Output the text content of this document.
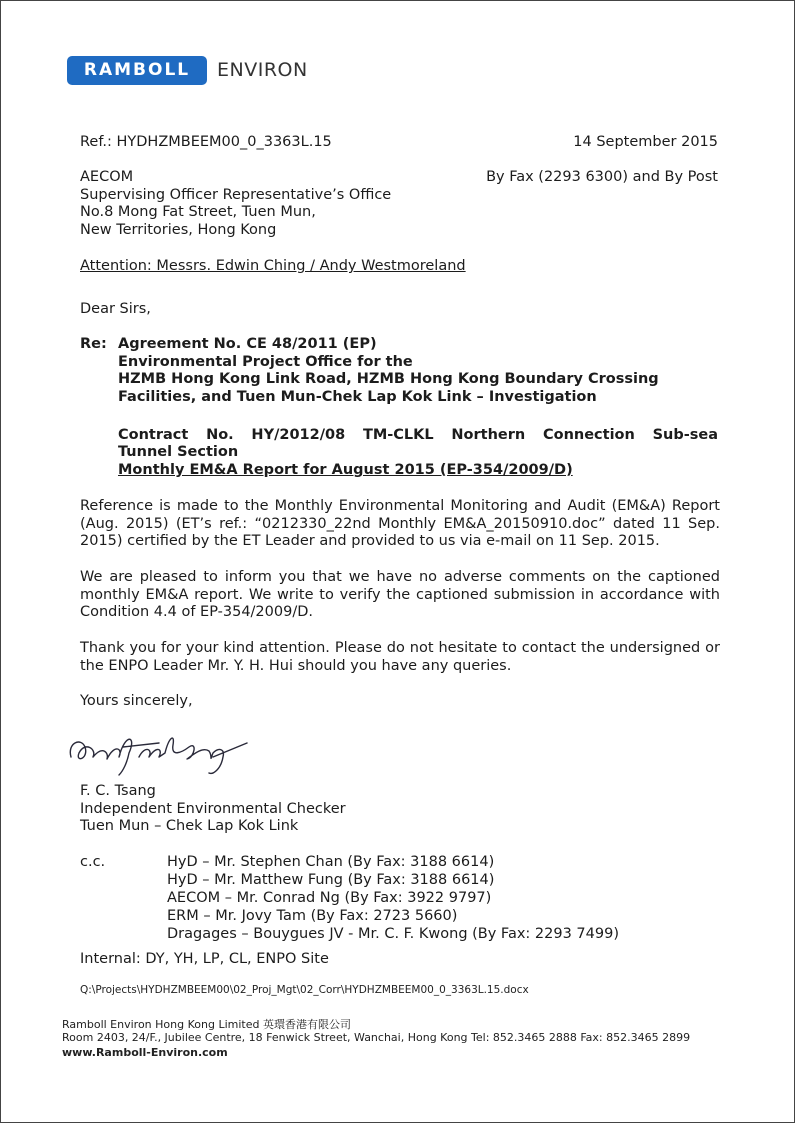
RAMBOLL	ENVIRON
Ref.: HYDHZMBEEM00_0_3363L.15	14 September 2015
AECOM
Supervising Officer Representative’s Office
No.8 Mong Fat Street, Tuen Mun,
New Territories, Hong Kong
By Fax (2293 6300) and By Post
Attention: Messrs. Edwin Ching / Andy Westmoreland
Dear Sirs,
Re: Agreement No. CE 48/2011 (EP)
Environmental Project Office for the
HZMB Hong Kong Link Road, HZMB Hong Kong Boundary Crossing
Facilities, and Tuen Mun-Chek Lap Kok Link – Investigation
Contract No. HY/2012/08 TM-CLKL Northern Connection Sub-sea
Tunnel Section
Monthly EM&A Report for August 2015 (EP-354/2009/D)

Reference is made to the Monthly Environmental Monitoring and Audit (EM&A) Report (Aug. 2015) (ET’s ref.: “0212330_22nd Monthly EM&A_20150910.doc” dated 11 Sep. 2015) certified by the ET Leader and provided to us via e-mail on 11 Sep. 2015.

We are pleased to inform you that we have no adverse comments on the captioned monthly EM&A report. We write to verify the captioned submission in accordance with Condition 4.4 of EP-354/2009/D.

Thank you for your kind attention. Please do not hesitate to contact the undersigned or the ENPO Leader Mr. Y. H. Hui should you have any queries.

Yours sincerely,
F. C. Tsang
Independent Environmental Checker
Tuen Mun – Chek Lap Kok Link
c.c.	HyD – Mr. Stephen Chan (By Fax: 3188 6614)
HyD – Mr. Matthew Fung (By Fax: 3188 6614)
AECOM – Mr. Conrad Ng (By Fax: 3922 9797)
ERM – Mr. Jovy Tam (By Fax: 2723 5660)
Dragages – Bouygues JV - Mr. C. F. Kwong (By Fax: 2293 7499)
Internal: DY, YH, LP, CL, ENPO Site
Q:\Projects\HYDHZMBEEM00\02_Proj_Mgt\02_Corr\HYDHZMBEEM00_0_3363L.15.docx
Ramboll Environ Hong Kong Limited 英環香港有限公司
Room 2403, 24/F., Jubilee Centre, 18 Fenwick Street, Wanchai, Hong Kong Tel: 852.3465 2888 Fax: 852.3465 2899
www.Ramboll-Environ.com
